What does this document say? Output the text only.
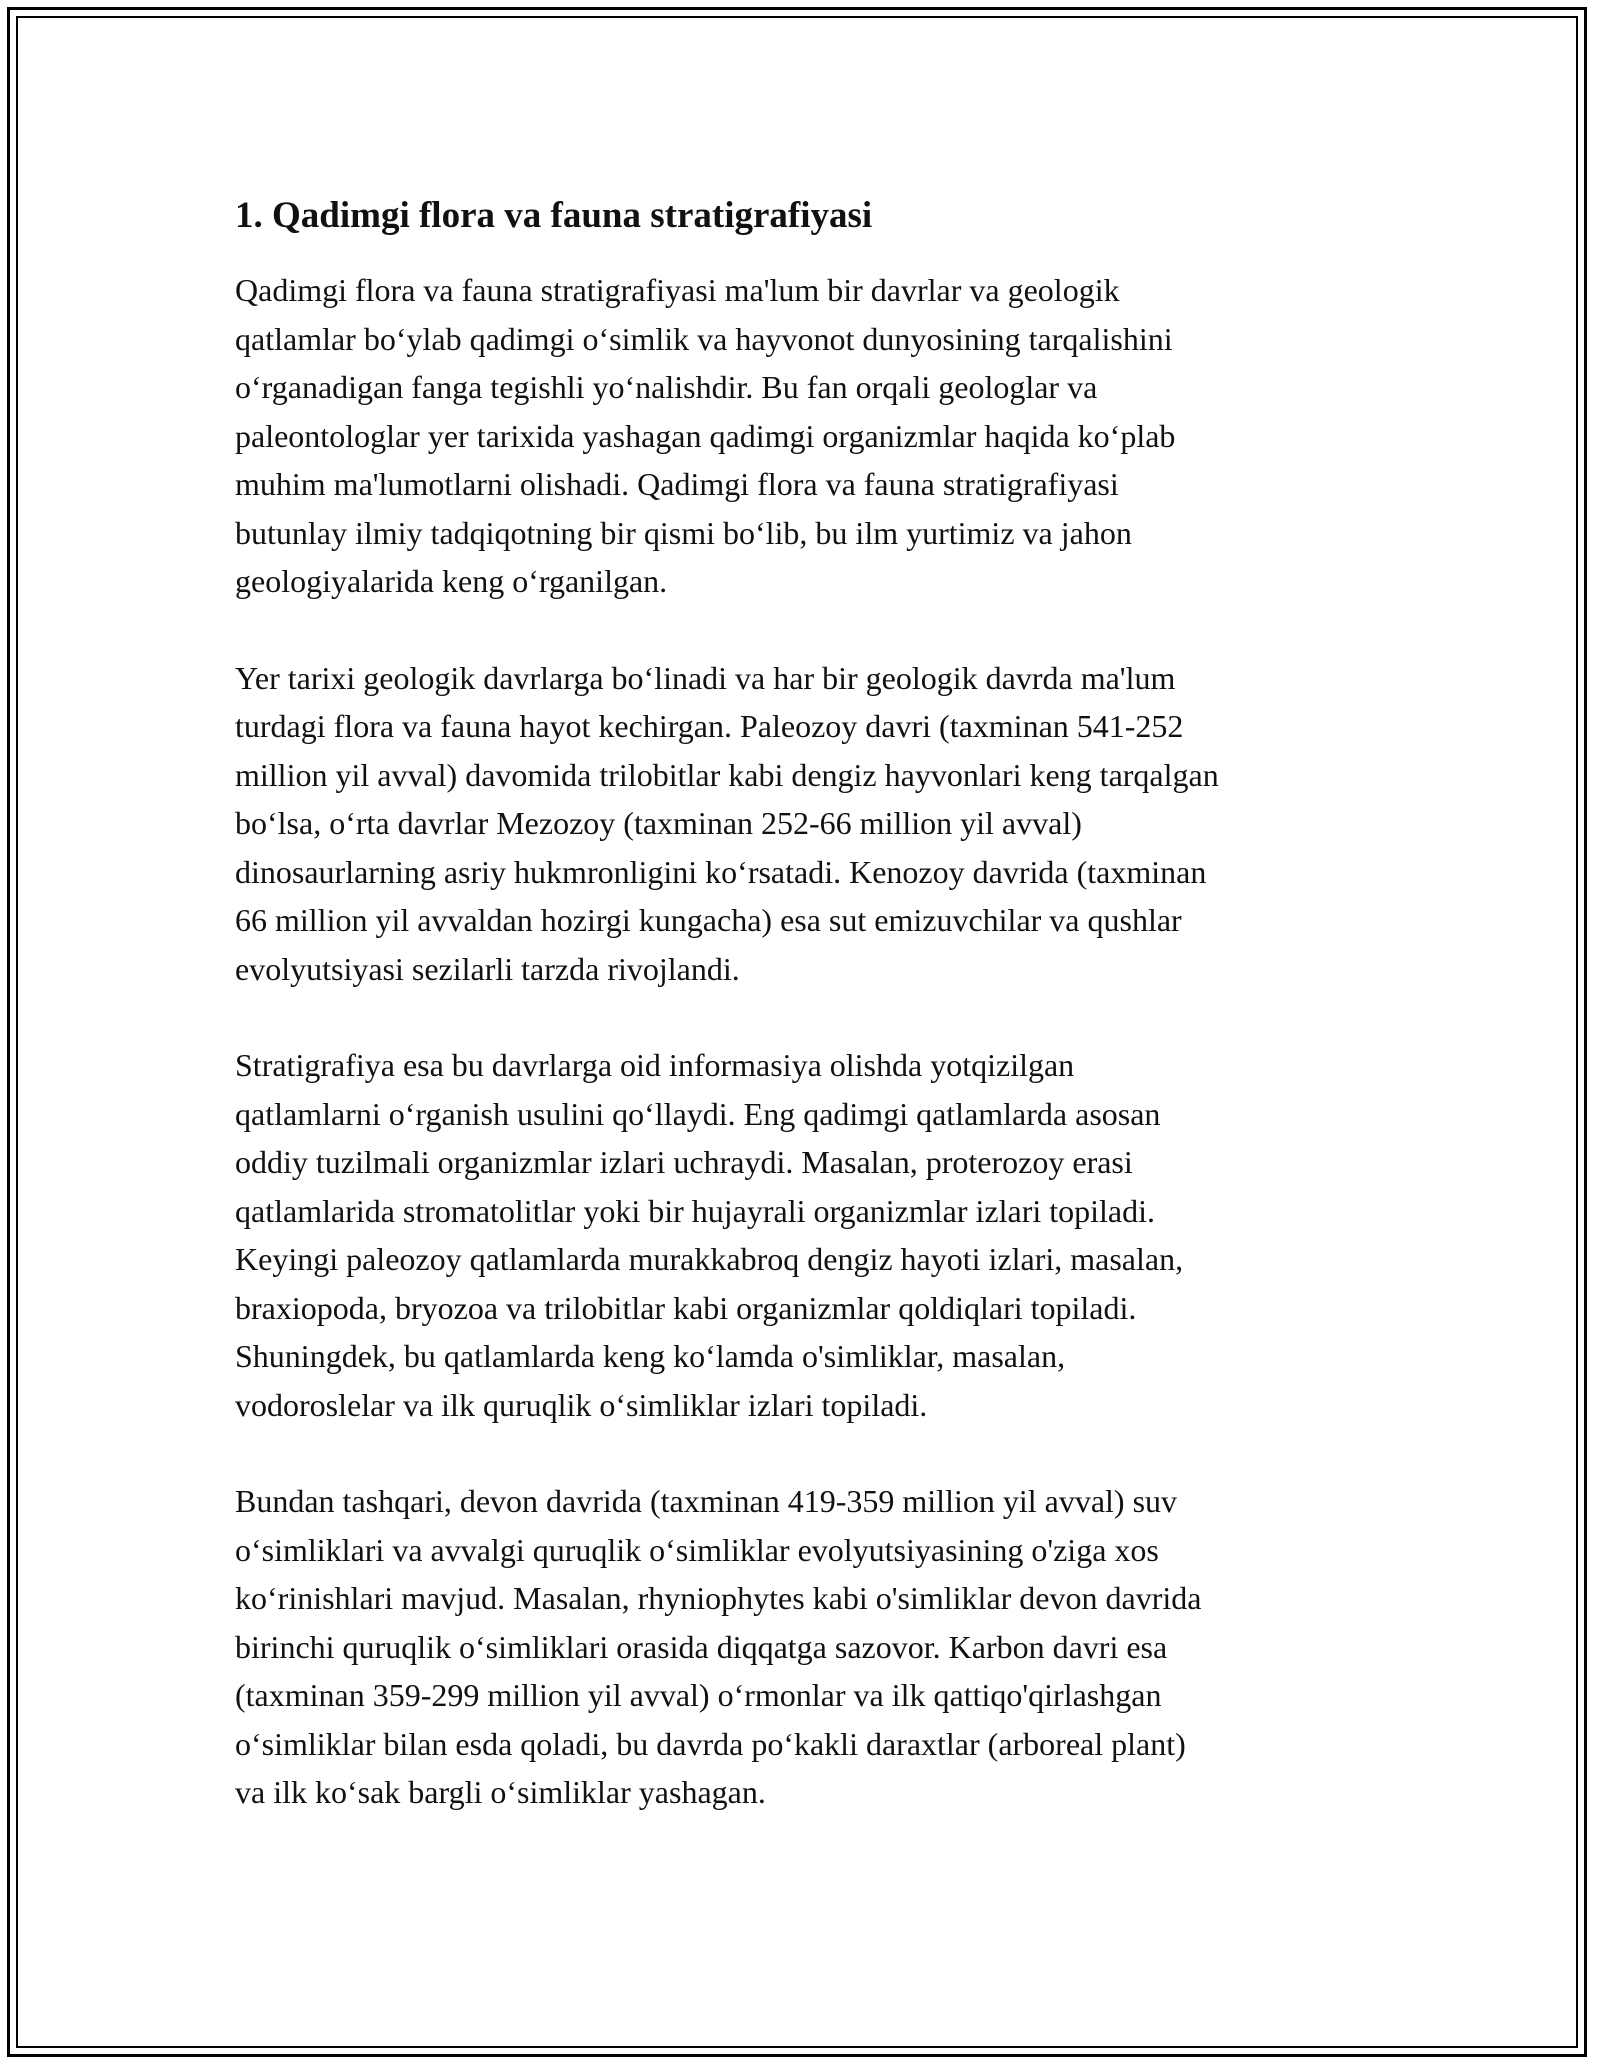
1. Qadimgi flora va fauna stratigrafiyasi

Qadimgi flora va fauna stratigrafiyasi ma'lum bir davrlar va geologik
qatlamlar bo‘ylab qadimgi o‘simlik va hayvonot dunyosining tarqalishini
o‘rganadigan fanga tegishli yo‘nalishdir. Bu fan orqali geologlar va
paleontologlar yer tarixida yashagan qadimgi organizmlar haqida ko‘plab
muhim ma'lumotlarni olishadi. Qadimgi flora va fauna stratigrafiyasi
butunlay ilmiy tadqiqotning bir qismi bo‘lib, bu ilm yurtimiz va jahon
geologiyalarida keng o‘rganilgan.

Yer tarixi geologik davrlarga bo‘linadi va har bir geologik davrda ma'lum
turdagi flora va fauna hayot kechirgan. Paleozoy davri (taxminan 541-252
million yil avval) davomida trilobitlar kabi dengiz hayvonlari keng tarqalgan
bo‘lsa, o‘rta davrlar Mezozoy (taxminan 252-66 million yil avval)
dinosaurlarning asriy hukmronligini ko‘rsatadi. Kenozoy davrida (taxminan
66 million yil avvaldan hozirgi kungacha) esa sut emizuvchilar va qushlar
evolyutsiyasi sezilarli tarzda rivojlandi.

Stratigrafiya esa bu davrlarga oid informasiya olishda yotqizilgan
qatlamlarni o‘rganish usulini qo‘llaydi. Eng qadimgi qatlamlarda asosan
oddiy tuzilmali organizmlar izlari uchraydi. Masalan, proterozoy erasi
qatlamlarida stromatolitlar yoki bir hujayrali organizmlar izlari topiladi.
Keyingi paleozoy qatlamlarda murakkabroq dengiz hayoti izlari, masalan,
braxiopoda, bryozoa va trilobitlar kabi organizmlar qoldiqlari topiladi.
Shuningdek, bu qatlamlarda keng ko‘lamda o'simliklar, masalan,
vodoroslelar va ilk quruqlik o‘simliklar izlari topiladi.

Bundan tashqari, devon davrida (taxminan 419-359 million yil avval) suv
o‘simliklari va avvalgi quruqlik o‘simliklar evolyutsiyasining o'ziga xos
ko‘rinishlari mavjud. Masalan, rhyniophytes kabi o'simliklar devon davrida
birinchi quruqlik o‘simliklari orasida diqqatga sazovor. Karbon davri esa
(taxminan 359-299 million yil avval) o‘rmonlar va ilk qattiqo'qirlashgan
o‘simliklar bilan esda qoladi, bu davrda po‘kakli daraxtlar (arboreal plant)
va ilk ko‘sak bargli o‘simliklar yashagan.
